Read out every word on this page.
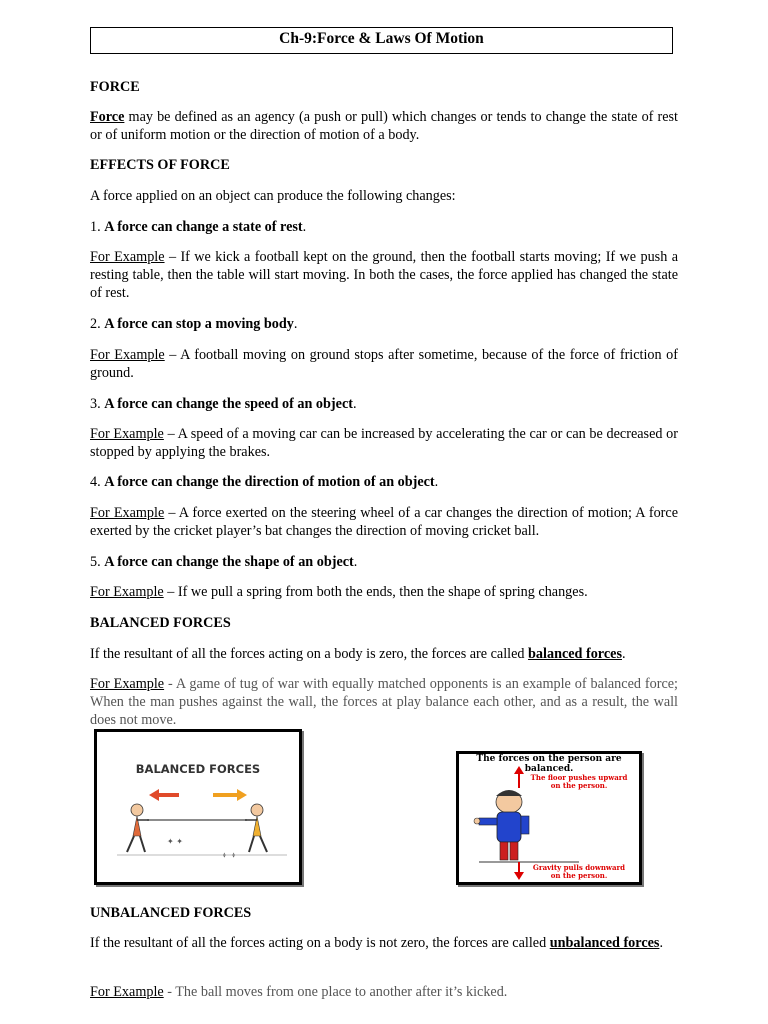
Ch-9:Force & Laws Of Motion
FORCE
Force may be defined as an agency (a push or pull) which changes or tends to change the state of rest or of uniform motion or the direction of motion of a body.
EFFECTS OF FORCE
A force applied on an object can produce the following changes:
1. A force can change a state of rest.
For Example – If we kick a football kept on the ground, then the football starts moving; If we push a resting table, then the table will start moving. In both the cases, the force applied has changed the state of rest.
2. A force can stop a moving body.
For Example – A football moving on ground stops after sometime, because of the force of friction of ground.
3. A force can change the speed of an object.
For Example – A speed of a moving car can be increased by accelerating the car or can be decreased or stopped by applying the brakes.
4. A force can change the direction of motion of an object.
For Example – A force exerted on the steering wheel of a car changes the direction of motion; A force exerted by the cricket player’s bat changes the direction of moving cricket ball.
5. A force can change the shape of an object.
For Example – If we pull a spring from both the ends, then the shape of spring changes.
BALANCED FORCES
If the resultant of all the forces acting on a body is zero, the forces are called balanced forces.
For Example - A game of tug of war with equally matched opponents is an example of balanced force; When the man pushes against the wall, the forces at play balance each other, and as a result, the wall does not move.
BALANCED FORCES
✦ ✦
✦ ✦
The forces on the person are balanced.
The floor pushes upward on the person.
Gravity pulls downward on the person.
UNBALANCED FORCES
If the resultant of all the forces acting on a body is not zero, the forces are called unbalanced forces.
For Example - The ball moves from one place to another after it’s kicked.
